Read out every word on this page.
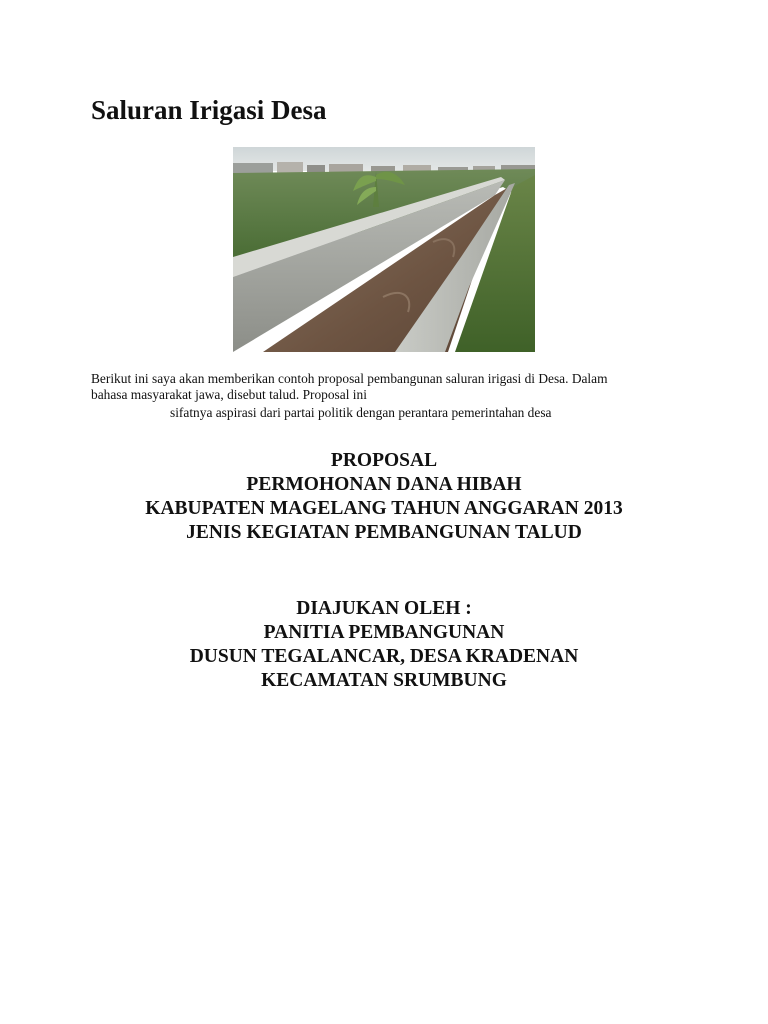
Saluran Irigasi Desa
Berikut ini saya akan memberikan contoh proposal pembangunan saluran irigasi di Desa. Dalam
bahasa masyarakat jawa, disebut talud. Proposal ini
sifatnya aspirasi dari partai politik dengan perantara pemerintahan desa
PROPOSAL
PERMOHONAN DANA HIBAH
KABUPATEN MAGELANG TAHUN ANGGARAN 2013
JENIS KEGIATAN PEMBANGUNAN TALUD
DIAJUKAN OLEH :
PANITIA PEMBANGUNAN
DUSUN TEGALANCAR, DESA KRADENAN
KECAMATAN SRUMBUNG
